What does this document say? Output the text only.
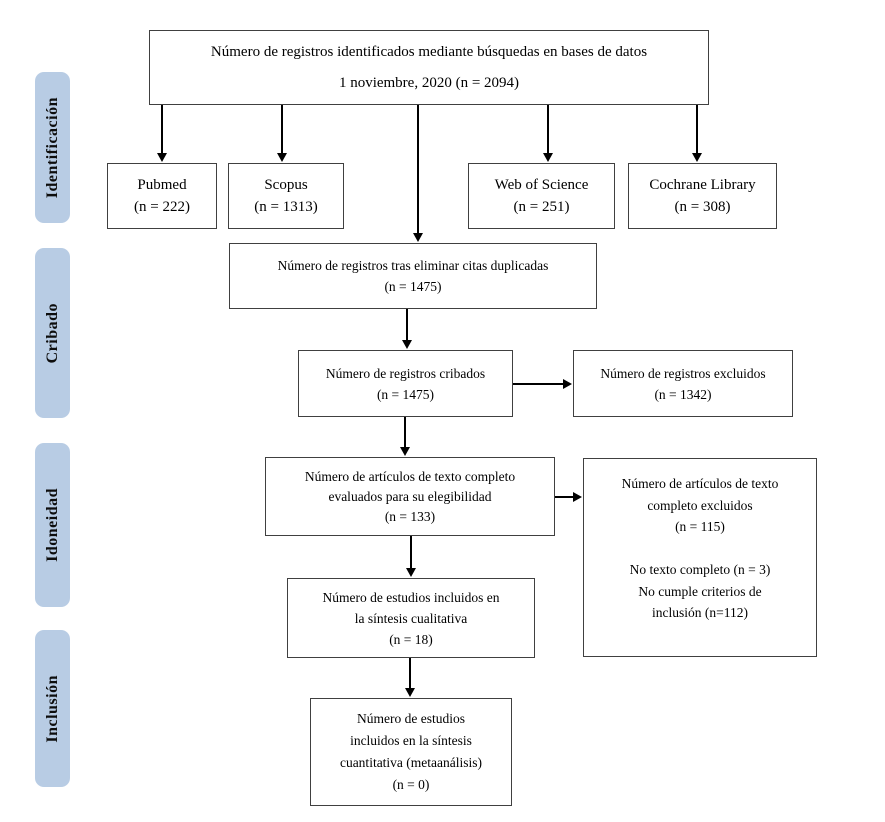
Identificación
Cribado
Idoneidad
Inclusión
Número de registros identificados mediante búsquedas en bases de datos
1 noviembre, 2020 (n = 2094)
Pubmed
(n = 222)
Scopus
(n = 1313)
Web of Science
(n = 251)
Cochrane Library
(n = 308)
Número de registros tras eliminar citas duplicadas
(n = 1475)
Número de registros cribados
(n = 1475)
Número de registros excluidos
(n = 1342)
Número de artículos de texto completo
evaluados para su elegibilidad
(n = 133)
Número de artículos de texto
completo excluidos
(n = 115)
No texto completo (n = 3)
No cumple criterios de
inclusión (n=112)
Número de estudios incluidos en
la síntesis cualitativa
(n = 18)
Número de estudios
incluidos en la síntesis
cuantitativa (metaanálisis)
(n = 0)
